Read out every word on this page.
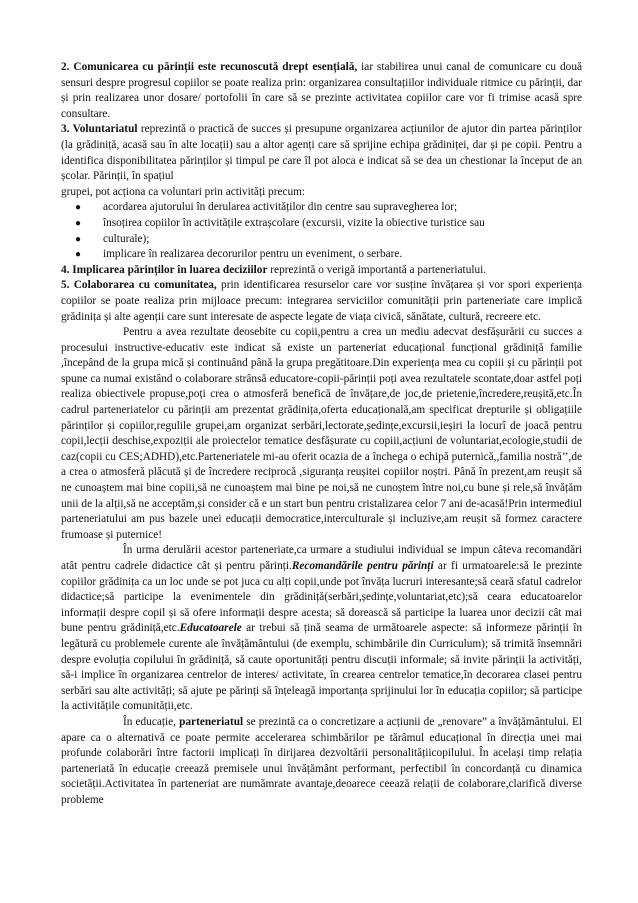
2. Comunicarea cu părinții este recunoscută drept esențială, iar stabilirea unui canal de comunicare cu două sensuri despre progresul copiilor se poate realiza prin: organizarea consultațiilor individuale ritmice cu părinții, dar și prin realizarea unor dosare/ portofolii în care să se prezinte activitatea copiilor care vor fi trimise acasă spre consultare.

3. Voluntariatul reprezintă o practică de succes și presupune organizarea acțiunilor de ajutor din partea părinților (la grădiniță, acasă sau în alte locații) sau a altor agenți care să sprijine echipa grădiniței, dar și pe copii. Pentru a identifica disponibilitatea părinților și timpul pe care îl pot aloca e indicat să se dea un chestionar la început de an școlar. Părinții, în spațiul

grupei, pot acționa ca voluntari prin activități precum:

● acordarea ajutorului în derularea activităților din centre sau supravegherea lor;
● însoțirea copiilor în activitățile extrașcolare (excursii, vizite la obiective turistice sau
● culturale);
● implicare în realizarea decorurilor pentru un eveniment, o serbare.

4. Implicarea părinților în luarea deciziilor reprezintă o verigă importantă a parteneriatului.

5. Colaborarea cu comunitatea, prin identificarea resurselor care vor susține învățarea și vor spori experiența copiilor se poate realiza prin mijloace precum: integrarea serviciilor comunității prin parteneriate care implică grădinița și alte agenții care sunt interesate de aspecte legate de viața civică, sănătate, cultură, recreere etc.

Pentru a avea rezultate deosebite cu copii,pentru a crea un mediu adecvat desfășurării cu succes a procesului instructive-educativ este indicat să existe un parteneriat educațional funcțional grădiniță familie ,începând de la grupa mică și continuând până la grupa pregătitoare.Din experiența mea cu copiii și cu părinții pot spune ca numai existând o colaborare strânsă educatore-copii-părinții poți avea rezultatele scontate,doar astfel poți realiza obiectivele propuse,poți crea o atmosferă benefică de învățare,de joc,de prietenie,încredere,reușită,etc.În cadrul parteneriatelor cu părinții am prezentat grădinița,oferta educațională,am specificat drepturile și obligațiile părinților și copiilor,regulile grupei,am organizat serbări,lectorate,ședințe,excursii,ieșiri la locurî de joacă pentru copii,lecții deschise,expoziții ale proiectelor tematice desfășurate cu copiii,acțiuni de voluntariat,ecologie,studii de caz(copii cu CES;ADHD),etc.Parteneriatele mi-au oferit ocazia de a închega o echipă puternică,,familia nostră’’,de a crea o atmosferă plăcută și de încredere reciprocă ,siguranța reușitei copiilor noștri. Până în prezent,am reușit să ne cunoaștem mai bine copiii,să ne cunoaștem mai bine pe noi,să ne cunoștem între noi,cu bune și rele,să învățăm unii de la alții,să ne acceptăm,și consider că e un start bun pentru cristalizarea celor 7 ani de-acasă!Prin intermediul parteneriatului am pus bazele unei educații democratice,interculturale și incluzive,am reușit să formez caractere frumoase și puternice!

În urma derulării acestor parteneriate,ca urmare a studiului individual se impun câteva recomandări atât pentru cadrele didactice cât și pentru părinți.Recomandările pentru părinți ar fi urmatoarele:să le prezinte copiilor grădinița ca un loc unde se pot juca cu alți copii,unde pot învăța lucruri interesante;să ceară sfatul cadrelor didactice;să participe la evenimentele din grădiniță(serbări,ședințe,voluntariat,etc);să ceara educatoarelor informații despre copil și să ofere informații despre acesta; să dorească să participe la luarea unor decizii cât mai bune pentru grădiniță,etc.Educatoarele ar trebui să țină seama de următoarele aspecte: să informeze părinții în legătură cu problemele curente ale învățământului (de exemplu, schimbările din Curriculum); să trimită însemnări despre evoluția copilului în grădiniță, să caute oportunități pentru discuții informale; să invite părinții la activități, să-i implice în organizarea centrelor de interes/ activitate, în crearea centrelor tematice,în decorarea clasei pentru serbări sau alte activități; să ajute pe părinți să înțeleagă importanța sprijinului lor în educația copiilor; să participe la activitățile comunității,etc.

În educație, parteneriatul se prezintă ca o concretizare a acțiunii de „renovare” a învățământului. El apare ca o alternativă ce poate permite accelerarea schimbărilor pe tărâmul educațional în direcția unei mai profunde colaborări între factorii implicați în dirijarea dezvoltării personalitățiicopilului. În același timp relația parteneriată în educație creează premisele unui învățământ performant, perfectibil în concordanță cu dinamica societății.Activitatea în parteneriat are numămrate avantaje,deoarece ceează relații de colaborare,clarifică diverse probleme
